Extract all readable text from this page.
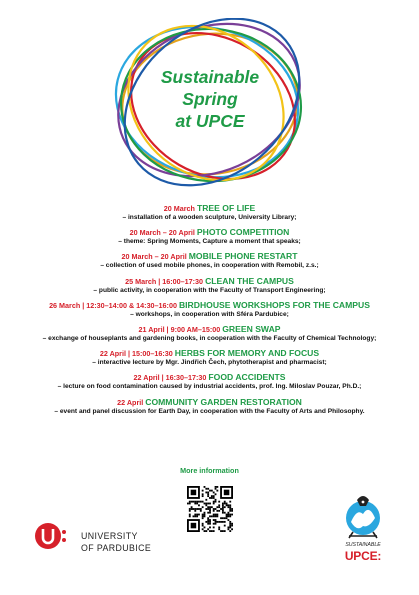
Sustainable
Spring
at UPCE
20 March TREE OF LIFE
– installation of a wooden sculpture, University Library;
20 March – 20 April PHOTO COMPETITION
– theme: Spring Moments, Capture a moment that speaks;
20 March – 20 April MOBILE PHONE RESTART
– collection of used mobile phones, in cooperation with Remobil, z.s.;
25 March | 16:00–17:30 CLEAN THE CAMPUS
– public activity, in cooperation with the Faculty of Transport Engineering;
26 March | 12:30–14:00 & 14:30–16:00 BIRDHOUSE WORKSHOPS FOR THE CAMPUS
– workshops, in cooperation with Sféra Pardubice;
21 April | 9:00 AM–15:00 GREEN SWAP
– exchange of houseplants and gardening books, in cooperation with the Faculty of Chemical Technology;
22 April | 15:00–16:30 HERBS FOR MEMORY AND FOCUS
– interactive lecture by Mgr. Jindřich Čech, phytotherapist and pharmacist;
22 April | 16:30–17:30 FOOD ACCIDENTS
– lecture on food contamination caused by industrial accidents, prof. Ing. Miloslav Pouzar, Ph.D.;
22 April COMMUNITY GARDEN RESTORATION
– event and panel discussion for Earth Day, in cooperation with the Faculty of Arts and Philosophy.
More information
UNIVERSITY
OF PARDUBICE	SUSTAINABLE
UPCE:
